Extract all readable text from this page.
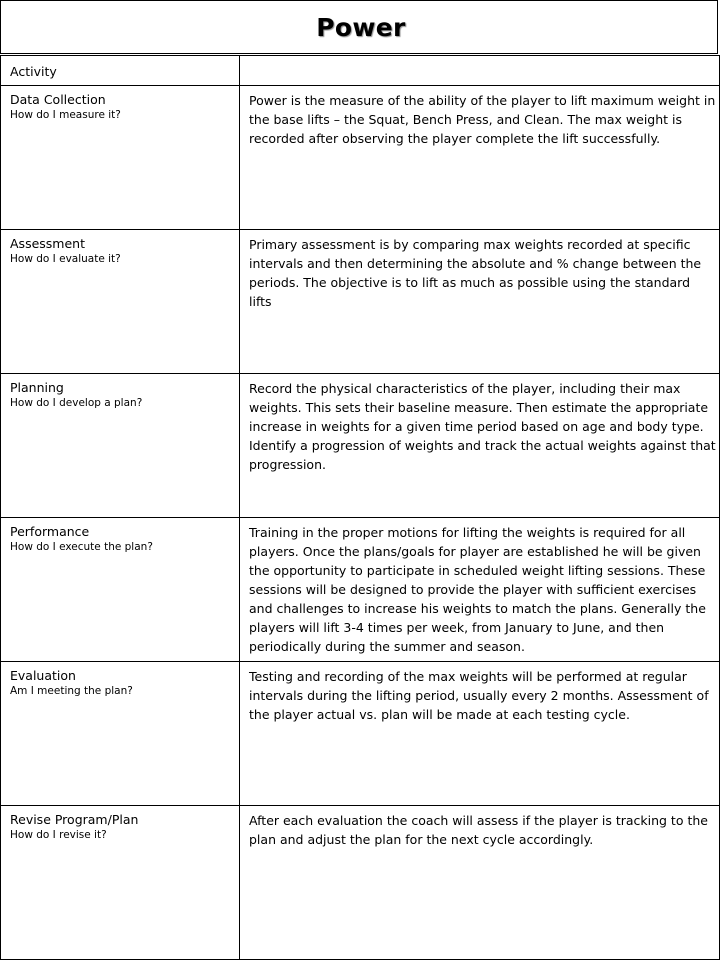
Power
Activity	

Data Collection
How do I measure it?	Power is the measure of the ability of the player to lift maximum weight in the base lifts – the Squat, Bench Press, and Clean. The max weight is recorded after observing the player complete the lift successfully.

Assessment
How do I evaluate it?	Primary assessment is by comparing max weights recorded at specific intervals and then determining the absolute and % change between the periods. The objective is to lift as much as possible using the standard lifts

Planning
How do I develop a plan?	Record the physical characteristics of the player, including their max weights. This sets their baseline measure. Then estimate the appropriate increase in weights for a given time period based on age and body type. Identify a progression of weights and track the actual weights against that progression.

Performance
How do I execute the plan?	Training in the proper motions for lifting the weights is required for all players. Once the plans/goals for player are established he will be given the opportunity to participate in scheduled weight lifting sessions. These sessions will be designed to provide the player with sufficient exercises and challenges to increase his weights to match the plans. Generally the players will lift 3-4 times per week, from January to June, and then periodically during the summer and season.

Evaluation
Am I meeting the plan?	Testing and recording of the max weights will be performed at regular intervals during the lifting period, usually every 2 months. Assessment of the player actual vs. plan will be made at each testing cycle.

Revise Program/Plan
How do I revise it?	After each evaluation the coach will assess if the player is tracking to the plan and adjust the plan for the next cycle accordingly.
